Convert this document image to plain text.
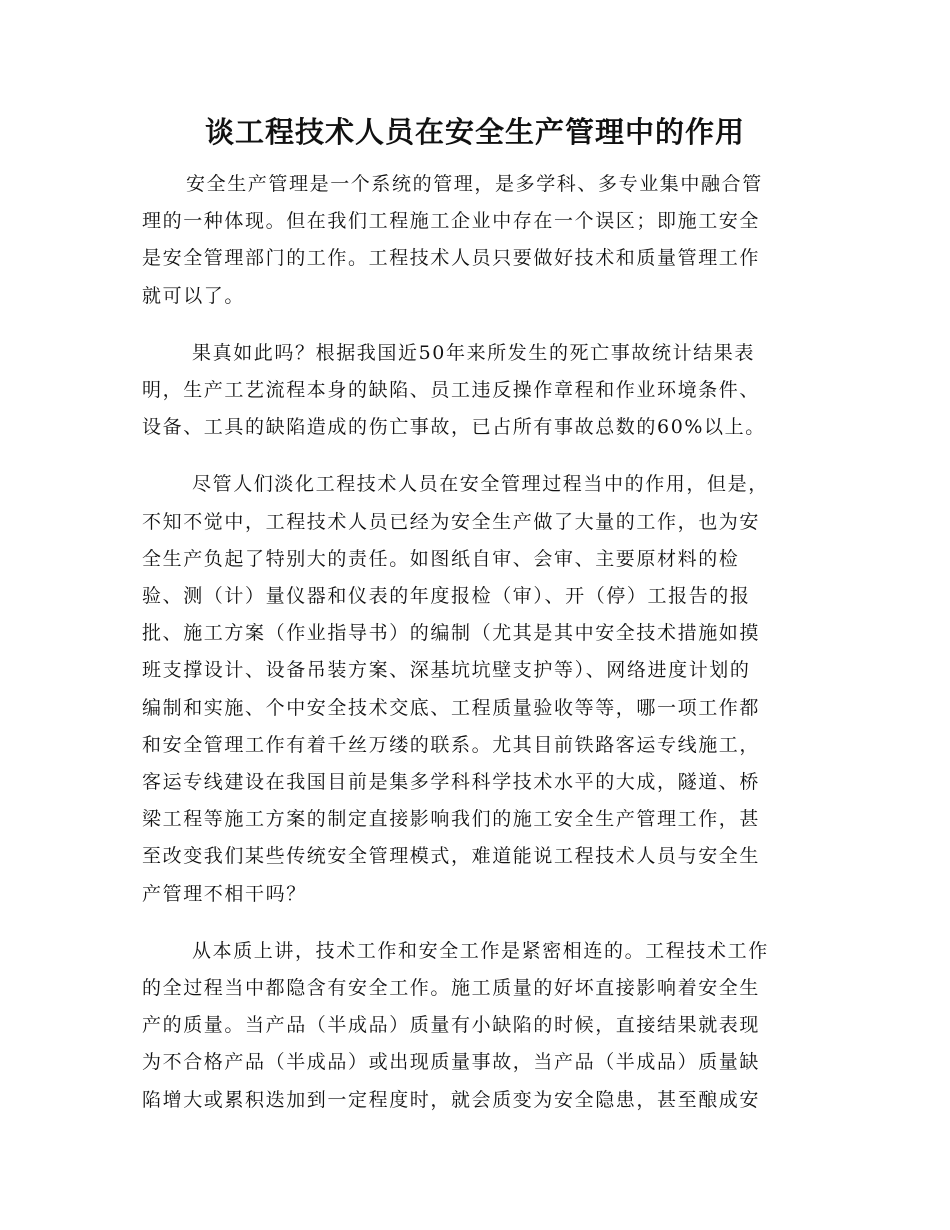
谈工程技术人员在安全生产管理中的作用

安全生产管理是一个系统的管理，是多学科、多专业集中融合管
理的一种体现。但在我们工程施工企业中存在一个误区；即施工安全
是安全管理部门的工作。工程技术人员只要做好技术和质量管理工作
就可以了。

果真如此吗？根据我国近50年来所发生的死亡事故统计结果表
明，生产工艺流程本身的缺陷、员工违反操作章程和作业环境条件、
设备、工具的缺陷造成的伤亡事故，已占所有事故总数的60%以上。

尽管人们淡化工程技术人员在安全管理过程当中的作用，但是，
不知不觉中，工程技术人员已经为安全生产做了大量的工作，也为安
全生产负起了特别大的责任。如图纸自审、会审、主要原材料的检
验、测（计）量仪器和仪表的年度报检（审）、开（停）工报告的报
批、施工方案（作业指导书）的编制（尤其是其中安全技术措施如摸
班支撑设计、设备吊装方案、深基坑坑壁支护等）、网络进度计划的
编制和实施、个中安全技术交底、工程质量验收等等，哪一项工作都
和安全管理工作有着千丝万缕的联系。尤其目前铁路客运专线施工，
客运专线建设在我国目前是集多学科科学技术水平的大成，隧道、桥
梁工程等施工方案的制定直接影响我们的施工安全生产管理工作，甚
至改变我们某些传统安全管理模式，难道能说工程技术人员与安全生
产管理不相干吗？

从本质上讲，技术工作和安全工作是紧密相连的。工程技术工作
的全过程当中都隐含有安全工作。施工质量的好坏直接影响着安全生
产的质量。当产品（半成品）质量有小缺陷的时候，直接结果就表现
为不合格产品（半成品）或出现质量事故，当产品（半成品）质量缺
陷增大或累积迭加到一定程度时，就会质变为安全隐患，甚至酿成安
